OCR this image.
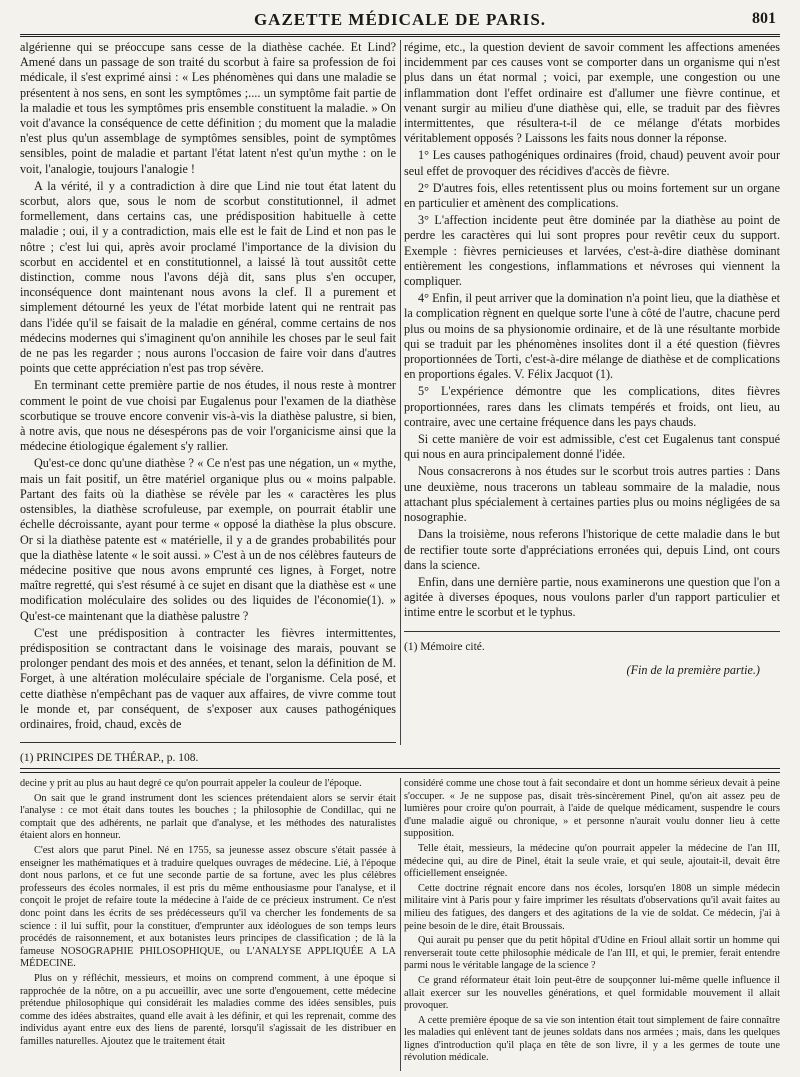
GAZETTE MÉDICALE DE PARIS.	801

algérienne qui se préoccupe sans cesse de la diathèse cachée. Et Lind? Amené dans un passage de son traité du scorbut à faire sa profession de foi médicale, il s'est exprimé ainsi : « Les phénomènes qui dans une maladie se présentent à nos sens, en sont les symptômes ;.... un symptôme fait partie de la maladie et tous les symptômes pris ensemble constituent la maladie. » On voit d'avance la conséquence de cette définition ; du moment que la maladie n'est plus qu'un assemblage de symptômes sensibles, point de symptômes sensibles, point de maladie et partant l'état latent n'est qu'un mythe : on le voit, l'analogie, toujours l'analogie !

A la vérité, il y a contradiction à dire que Lind nie tout état latent du scorbut, alors que, sous le nom de scorbut constitutionnel, il admet formellement, dans certains cas, une prédisposition habituelle à cette maladie ; oui, il y a contradiction, mais elle est le fait de Lind et non pas le nôtre ; c'est lui qui, après avoir proclamé l'importance de la division du scorbut en accidentel et en constitutionnel, a laissé là tout aussitôt cette distinction, comme nous l'avons déjà dit, sans plus s'en occuper, inconséquence dont maintenant nous avons la clef. Il a purement et simplement détourné les yeux de l'état morbide latent qui ne rentrait pas dans l'idée qu'il se faisait de la maladie en général, comme certains de nos médecins modernes qui s'imaginent qu'on annihile les choses par le seul fait de ne pas les regarder ; nous aurons l'occasion de faire voir dans d'autres points que cette appréciation n'est pas trop sévère.

En terminant cette première partie de nos études, il nous reste à montrer comment le point de vue choisi par Eugalenus pour l'examen de la diathèse scorbutique se trouve encore convenir vis-à-vis la diathèse palustre, si bien, à notre avis, que nous ne désespérons pas de voir l'organicisme ainsi que la médecine étiologique également s'y rallier.

Qu'est-ce donc qu'une diathèse ? « Ce n'est pas une négation, un « mythe, mais un fait positif, un être matériel organique plus ou « moins palpable. Partant des faits où la diathèse se révèle par les « caractères les plus ostensibles, la diathèse scrofuleuse, par exemple, on pourrait établir une échelle décroissante, ayant pour terme « opposé la diathèse la plus obscure. Or si la diathèse patente est « matérielle, il y a de grandes probabilités pour que la diathèse latente « le soit aussi. » C'est à un de nos célèbres fauteurs de médecine positive que nous avons emprunté ces lignes, à Forget, notre maître regretté, qui s'est résumé à ce sujet en disant que la diathèse est « une modification moléculaire des solides ou des liquides de l'économie(1). » Qu'est-ce maintenant que la diathèse palustre ?

C'est une prédisposition à contracter les fièvres intermittentes, prédisposition se contractant dans le voisinage des marais, pouvant se prolonger pendant des mois et des années, et tenant, selon la définition de M. Forget, à une altération moléculaire spéciale de l'organisme. Cela posé, et cette diathèse n'empêchant pas de vaquer aux affaires, de vivre comme tout le monde et, par conséquent, de s'exposer aux causes pathogéniques ordinaires, froid, chaud, excès de

(1) PRINCIPES DE THÉRAP., p. 108.

régime, etc., la question devient de savoir comment les affections amenées incidemment par ces causes vont se comporter dans un organisme qui n'est plus dans un état normal ; voici, par exemple, une congestion ou une inflammation dont l'effet ordinaire est d'allumer une fièvre continue, et venant surgir au milieu d'une diathèse qui, elle, se traduit par des fièvres intermittentes, que résultera-t-il de ce mélange d'états morbides véritablement opposés ? Laissons les faits nous donner la réponse.

1° Les causes pathogéniques ordinaires (froid, chaud) peuvent avoir pour seul effet de provoquer des récidives d'accès de fièvre.

2° D'autres fois, elles retentissent plus ou moins fortement sur un organe en particulier et amènent des complications.

3° L'affection incidente peut être dominée par la diathèse au point de perdre les caractères qui lui sont propres pour revêtir ceux du support. Exemple : fièvres pernicieuses et larvées, c'est-à-dire diathèse dominant entièrement les congestions, inflammations et névroses qui viennent la compliquer.

4° Enfin, il peut arriver que la domination n'a point lieu, que la diathèse et la complication règnent en quelque sorte l'une à côté de l'autre, chacune perd plus ou moins de sa physionomie ordinaire, et de là une résultante morbide qui se traduit par les phénomènes insolites dont il a été question (fièvres proportionnées de Torti, c'est-à-dire mélange de diathèse et de complications en proportions égales. V. Félix Jacquot (1).

5° L'expérience démontre que les complications, dites fièvres proportionnées, rares dans les climats tempérés et froids, ont lieu, au contraire, avec une certaine fréquence dans les pays chauds.

Si cette manière de voir est admissible, c'est cet Eugalenus tant conspué qui nous en aura principalement donné l'idée.

Nous consacrerons à nos études sur le scorbut trois autres parties : Dans une deuxième, nous tracerons un tableau sommaire de la maladie, nous attachant plus spécialement à certaines parties plus ou moins négligées de sa nosographie.

Dans la troisième, nous referons l'historique de cette maladie dans le but de rectifier toute sorte d'appréciations erronées qui, depuis Lind, ont cours dans la science.

Enfin, dans une dernière partie, nous examinerons une question que l'on a agitée à diverses époques, nous voulons parler d'un rapport particulier et intime entre le scorbut et le typhus.

(1) Mémoire cité.

(Fin de la première partie.)

decine y prit au plus au haut degré ce qu'on pourrait appeler la couleur de l'époque.

On sait que le grand instrument dont les sciences prétendaient alors se servir était l'analyse : ce mot était dans toutes les bouches ; la philosophie de Condillac, qui ne comptait que des adhérents, ne parlait que d'analyse, et les méthodes des naturalistes étaient alors en honneur.

C'est alors que parut Pinel. Né en 1755, sa jeunesse assez obscure s'était passée à enseigner les mathématiques et à traduire quelques ouvrages de médecine. Lié, à l'époque dont nous parlons, et ce fut une seconde partie de sa fortune, avec les plus célèbres professeurs des écoles normales, il est pris du même enthousiasme pour l'analyse, et il conçoit le projet de refaire toute la médecine à l'aide de ce précieux instrument. Ce n'est donc point dans les écrits de ses prédécesseurs qu'il va chercher les fondements de sa science : il lui suffit, pour la constituer, d'emprunter aux idéologues de son temps leurs procédés de raisonnement, et aux botanistes leurs principes de classification ; de là la fameuse NOSOGRAPHIE PHILOSOPHIQUE, ou L'ANALYSE APPLIQUÉE A LA MÉDECINE.

Plus on y réfléchit, messieurs, et moins on comprend comment, à une époque si rapprochée de la nôtre, on a pu accueillir, avec une sorte d'engouement, cette médecine prétendue philosophique qui considérait les maladies comme des idées sensibles, puis comme des idées abstraites, quand elle avait à les définir, et qui les reprenait, comme des individus ayant entre eux des liens de parenté, lorsqu'il s'agissait de les distribuer en familles naturelles. Ajoutez que le traitement était

considéré comme une chose tout à fait secondaire et dont un homme sérieux devait à peine s'occuper. « Je ne suppose pas, disait très-sincèrement Pinel, qu'on ait assez peu de lumières pour croire qu'on pourrait, à l'aide de quelque médicament, suspendre le cours d'une maladie aiguë ou chronique, » et personne n'aurait voulu donner lieu à cette supposition.

Telle était, messieurs, la médecine qu'on pourrait appeler la médecine de l'an III, médecine qui, au dire de Pinel, était la seule vraie, et qui seule, ajoutait-il, devait être officiellement enseignée.

Cette doctrine régnait encore dans nos écoles, lorsqu'en 1808 un simple médecin militaire vint à Paris pour y faire imprimer les résultats d'observations qu'il avait faites au milieu des fatigues, des dangers et des agitations de la vie de soldat. Ce médecin, j'ai à peine besoin de le dire, était Broussais.

Qui aurait pu penser que du petit hôpital d'Udine en Frioul allait sortir un homme qui renverserait toute cette philosophie médicale de l'an III, et qui, le premier, ferait entendre parmi nous le véritable langage de la science ?

Ce grand réformateur était loin peut-être de soupçonner lui-même quelle influence il allait exercer sur les nouvelles générations, et quel formidable mouvement il allait provoquer.

A cette première époque de sa vie son intention était tout simplement de faire connaître les maladies qui enlèvent tant de jeunes soldats dans nos armées ; mais, dans les quelques lignes d'introduction qu'il plaça en tête de son livre, il y a les germes de toute une révolution médicale.
